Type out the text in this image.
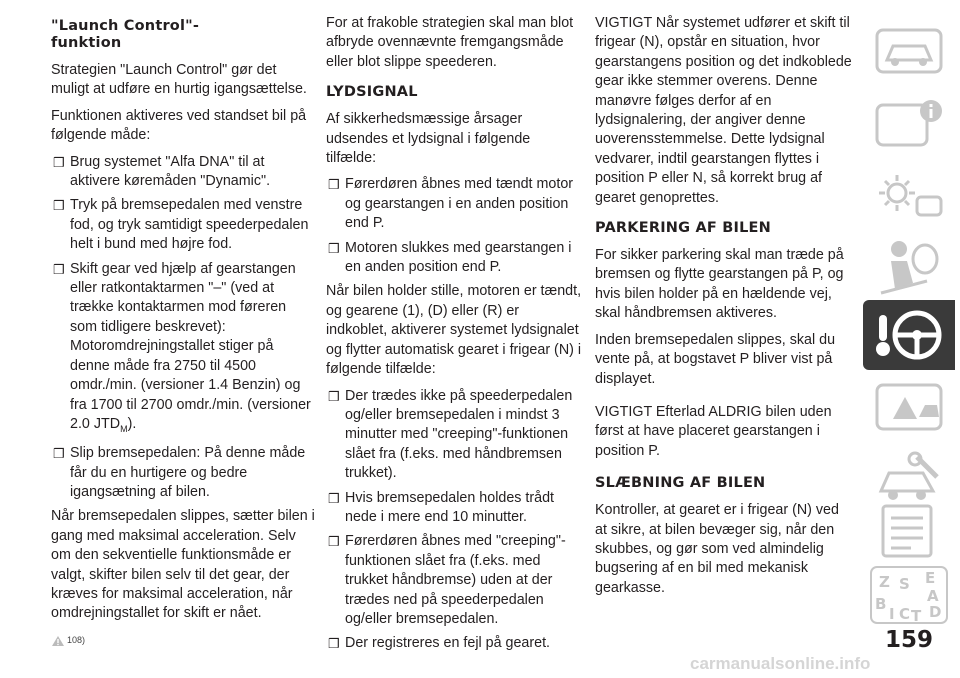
"Launch Control"-
funktion

Strategien "Launch Control" gør det muligt at udføre en hurtig igangsættelse.

Funktionen aktiveres ved standset bil på følgende måde:

❒ Brug systemet "Alfa DNA" til at aktivere køremåden "Dynamic".
❒ Tryk på bremsepedalen med venstre fod, og tryk samtidigt speederpedalen helt i bund med højre fod.
❒ Skift gear ved hjælp af gearstangen eller ratkontaktarmen "–" (ved at trække kontaktarmen mod føreren som tidligere beskrevet): Motoromdrejningstallet stiger på denne måde fra 2750 til 4500 omdr./min. (versioner 1.4 Benzin) og fra 1700 til 2700 omdr./min. (versioner 2.0 $JTD_M$).
❒ Slip bremsepedalen: På denne måde får du en hurtigere og bedre igangsætning af bilen.

Når bremsepedalen slippes, sætter bilen i gang med maksimal acceleration. Selv om den sekventielle funktionsmåde er valgt, skifter bilen selv til det gear, der kræves for maksimal acceleration, når omdrejningstallet for skift er nået.

108)

For at frakoble strategien skal man blot afbryde ovennævnte fremgangsmåde eller blot slippe speederen.

LYDSIGNAL

Af sikkerhedsmæssige årsager udsendes et lydsignal i følgende tilfælde:

❒ Førerdøren åbnes med tændt motor og gearstangen i en anden position end P.
❒ Motoren slukkes med gearstangen i en anden position end P.

Når bilen holder stille, motoren er tændt, og gearene (1), (D) eller (R) er indkoblet, aktiverer systemet lydsignalet og flytter automatisk gearet i frigear (N) i følgende tilfælde:

❒ Der trædes ikke på speederpedalen og/eller bremsepedalen i mindst 3 minutter med "creeping"-funktionen slået fra (f.eks. med håndbremsen trukket).
❒ Hvis bremsepedalen holdes trådt nede i mere end 10 minutter.
❒ Førerdøren åbnes med "creeping"-funktionen slået fra (f.eks. med trukket håndbremse) uden at der trædes ned på speederpedalen og/eller bremsepedalen.
❒ Der registreres en fejl på gearet.

VIGTIGT Når systemet udfører et skift til frigear (N), opstår en situation, hvor gearstangens position og det indkoblede gear ikke stemmer overens. Denne manøvre følges derfor af en lydsignalering, der angiver denne uoverensstemmelse. Dette lydsignal vedvarer, indtil gearstangen flyttes i position P eller N, så korrekt brug af gearet genoprettes.

PARKERING AF BILEN

For sikker parkering skal man træde på bremsen og flytte gearstangen på P, og hvis bilen holder på en hældende vej, skal håndbremsen aktiveres.

Inden bremsepedalen slippes, skal du vente på, at bogstavet P bliver vist på displayet.

VIGTIGT Efterlad ALDRIG bilen uden først at have placeret gearstangen i position P.

SLÆBNING AF BILEN

Kontroller, at gearet er i frigear (N) ved at sikre, at bilen bevæger sig, når den skubbes, og gør som ved almindelig bugsering af en bil med mekanisk gearkasse.	Z E
S
A
B
I C T D
159
carmanualsonline.info
